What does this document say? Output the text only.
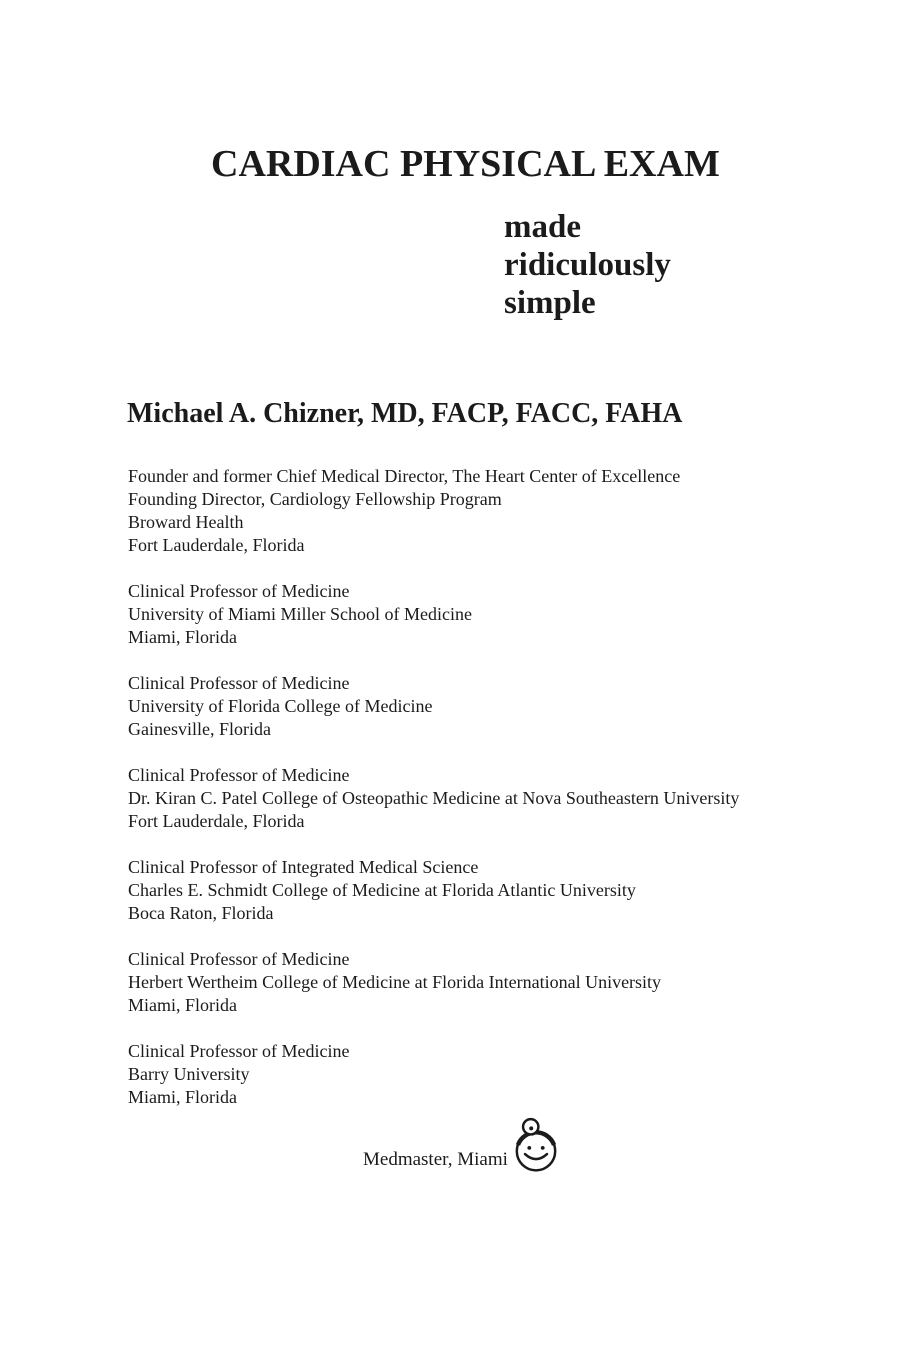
CARDIAC PHYSICAL EXAM
made
ridiculously
simple
Michael A. Chizner, MD, FACP, FACC, FAHA
Founder and former Chief Medical Director, The Heart Center of Excellence
Founding Director, Cardiology Fellowship Program
Broward Health
Fort Lauderdale, Florida
Clinical Professor of Medicine
University of Miami Miller School of Medicine
Miami, Florida
Clinical Professor of Medicine
University of Florida College of Medicine
Gainesville, Florida
Clinical Professor of Medicine
Dr. Kiran C. Patel College of Osteopathic Medicine at Nova Southeastern University
Fort Lauderdale, Florida
Clinical Professor of Integrated Medical Science
Charles E. Schmidt College of Medicine at Florida Atlantic University
Boca Raton, Florida
Clinical Professor of Medicine
Herbert Wertheim College of Medicine at Florida International University
Miami, Florida
Clinical Professor of Medicine
Barry University
Miami, Florida
Medmaster, Miami
